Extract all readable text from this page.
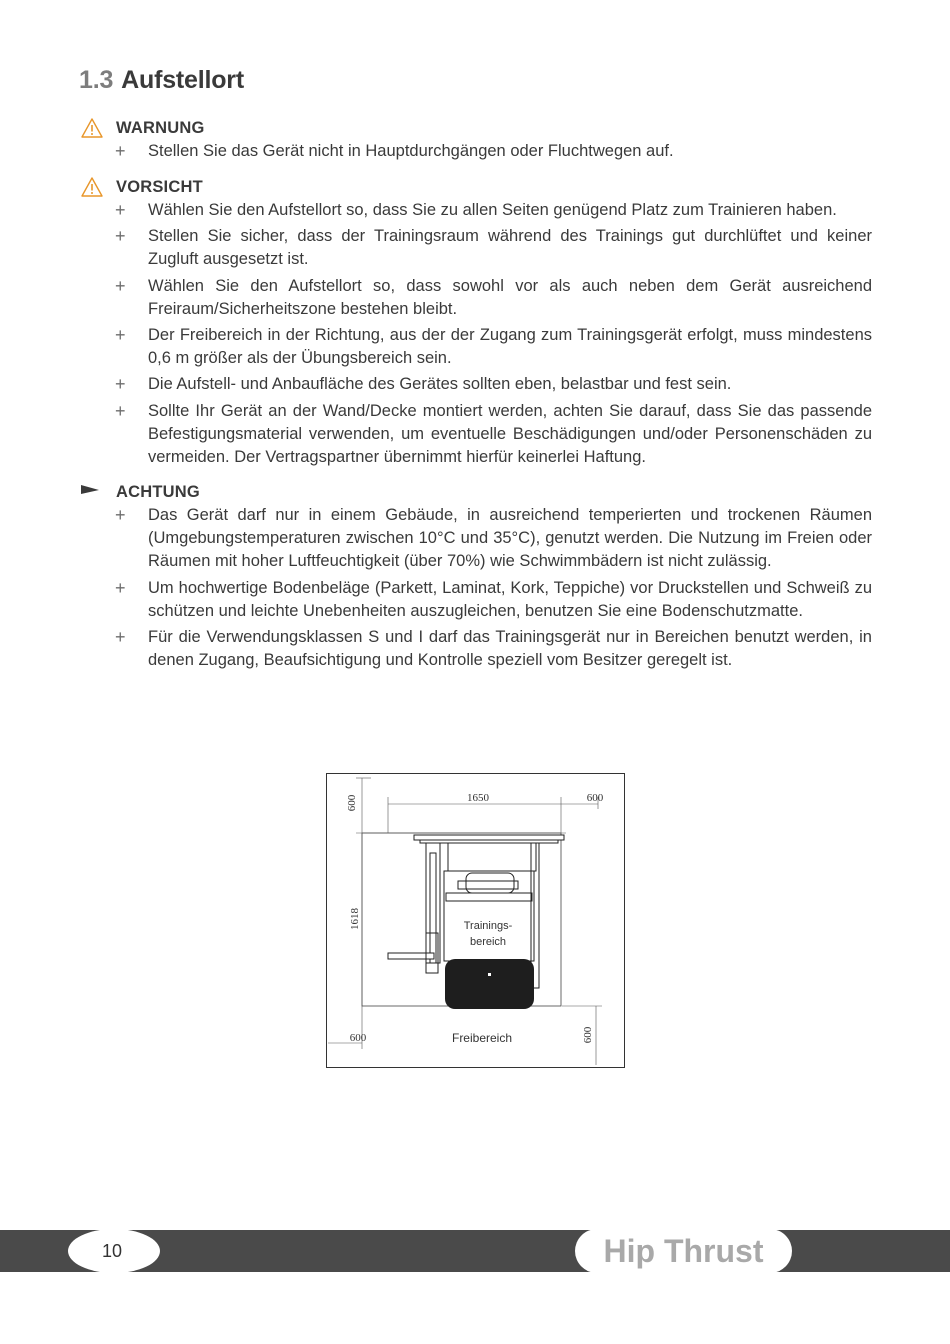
1.3 Aufstellort
WARNUNG
+ Stellen Sie das Gerät nicht in Hauptdurchgängen oder Fluchtwegen auf.
VORSICHT
+ Wählen Sie den Aufstellort so, dass Sie zu allen Seiten genügend Platz zum Trainieren haben.
+ Stellen Sie sicher, dass der Trainingsraum während des Trainings gut durchlüftet und keiner Zugluft ausgesetzt ist.
+ Wählen Sie den Aufstellort so, dass sowohl vor als auch neben dem Gerät ausreichend Freiraum/Sicherheitszone bestehen bleibt.
+ Der Freibereich in der Richtung, aus der der Zugang zum Trainingsgerät erfolgt, muss mindestens 0,6 m größer als der Übungsbereich sein.
+ Die Aufstell- und Anbaufläche des Gerätes sollten eben, belastbar und fest sein.
+ Sollte Ihr Gerät an der Wand/Decke montiert werden, achten Sie darauf, dass Sie das passende Befestigungsmaterial verwenden, um eventuelle Beschädigungen und/oder Personenschäden zu vermeiden. Der Vertragspartner übernimmt hierfür keinerlei Haftung.
ACHTUNG
+ Das Gerät darf nur in einem Gebäude, in ausreichend temperierten und trockenen Räumen (Umgebungstemperaturen zwischen 10°C und 35°C), genutzt werden. Die Nutzung im Freien oder Räumen mit hoher Luftfeuchtigkeit (über 70%) wie Schwimmbädern ist nicht zulässig.
+ Um hochwertige Bodenbeläge (Parkett, Laminat, Kork, Teppiche) vor Druckstellen und Schweiß zu schützen und leichte Unebenheiten auszugleichen, benutzen Sie eine Bodenschutzmatte.
+ Für die Verwendungsklassen S und I darf das Trainingsgerät nur in Bereichen benutzt werden, in denen Zugang, Beaufsichtigung und Kontrolle speziell vom Besitzer geregelt ist.
600	1650	600
1618
600	600
Trainings-
bereich
Freibereich
10	Hip Thrust
